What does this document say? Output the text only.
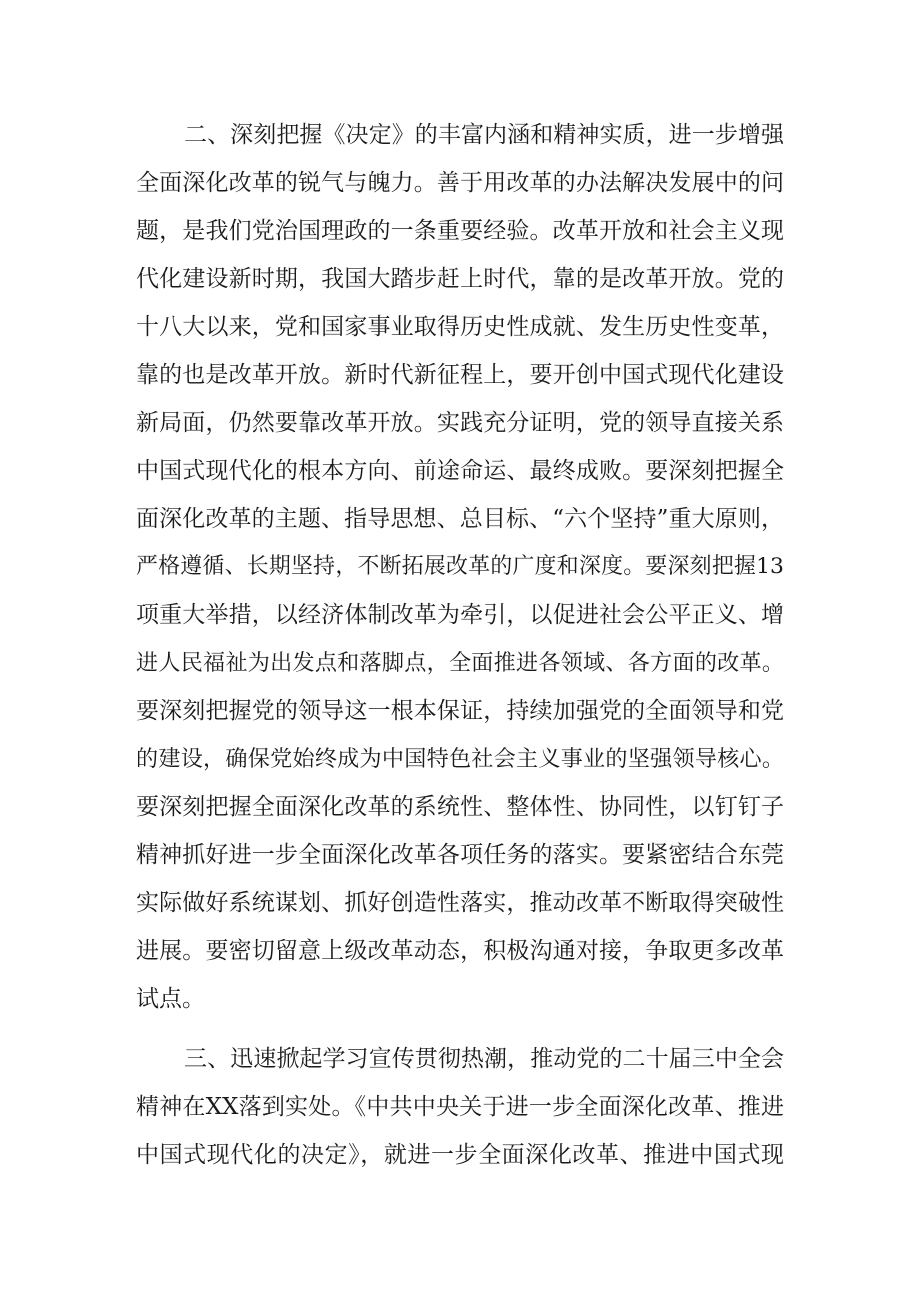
二、深刻把握《决定》的丰富内涵和精神实质，进一步增强
全面深化改革的锐气与魄力。善于用改革的办法解决发展中的问
题，是我们党治国理政的一条重要经验。改革开放和社会主义现
代化建设新时期，我国大踏步赶上时代，靠的是改革开放。党的
十八大以来，党和国家事业取得历史性成就、发生历史性变革，
靠的也是改革开放。新时代新征程上，要开创中国式现代化建设
新局面，仍然要靠改革开放。实践充分证明，党的领导直接关系
中国式现代化的根本方向、前途命运、最终成败。要深刻把握全
面深化改革的主题、指导思想、总目标、“六个坚持”重大原则，
严格遵循、长期坚持，不断拓展改革的广度和深度。要深刻把握13
项重大举措，以经济体制改革为牵引，以促进社会公平正义、增
进人民福祉为出发点和落脚点，全面推进各领域、各方面的改革。
要深刻把握党的领导这一根本保证，持续加强党的全面领导和党
的建设，确保党始终成为中国特色社会主义事业的坚强领导核心。
要深刻把握全面深化改革的系统性、整体性、协同性，以钉钉子
精神抓好进一步全面深化改革各项任务的落实。要紧密结合东莞
实际做好系统谋划、抓好创造性落实，推动改革不断取得突破性
进展。要密切留意上级改革动态，积极沟通对接，争取更多改革
试点。
三、迅速掀起学习宣传贯彻热潮，推动党的二十届三中全会
精神在XX落到实处。《中共中央关于进一步全面深化改革、推进
中国式现代化的决定》，就进一步全面深化改革、推进中国式现
